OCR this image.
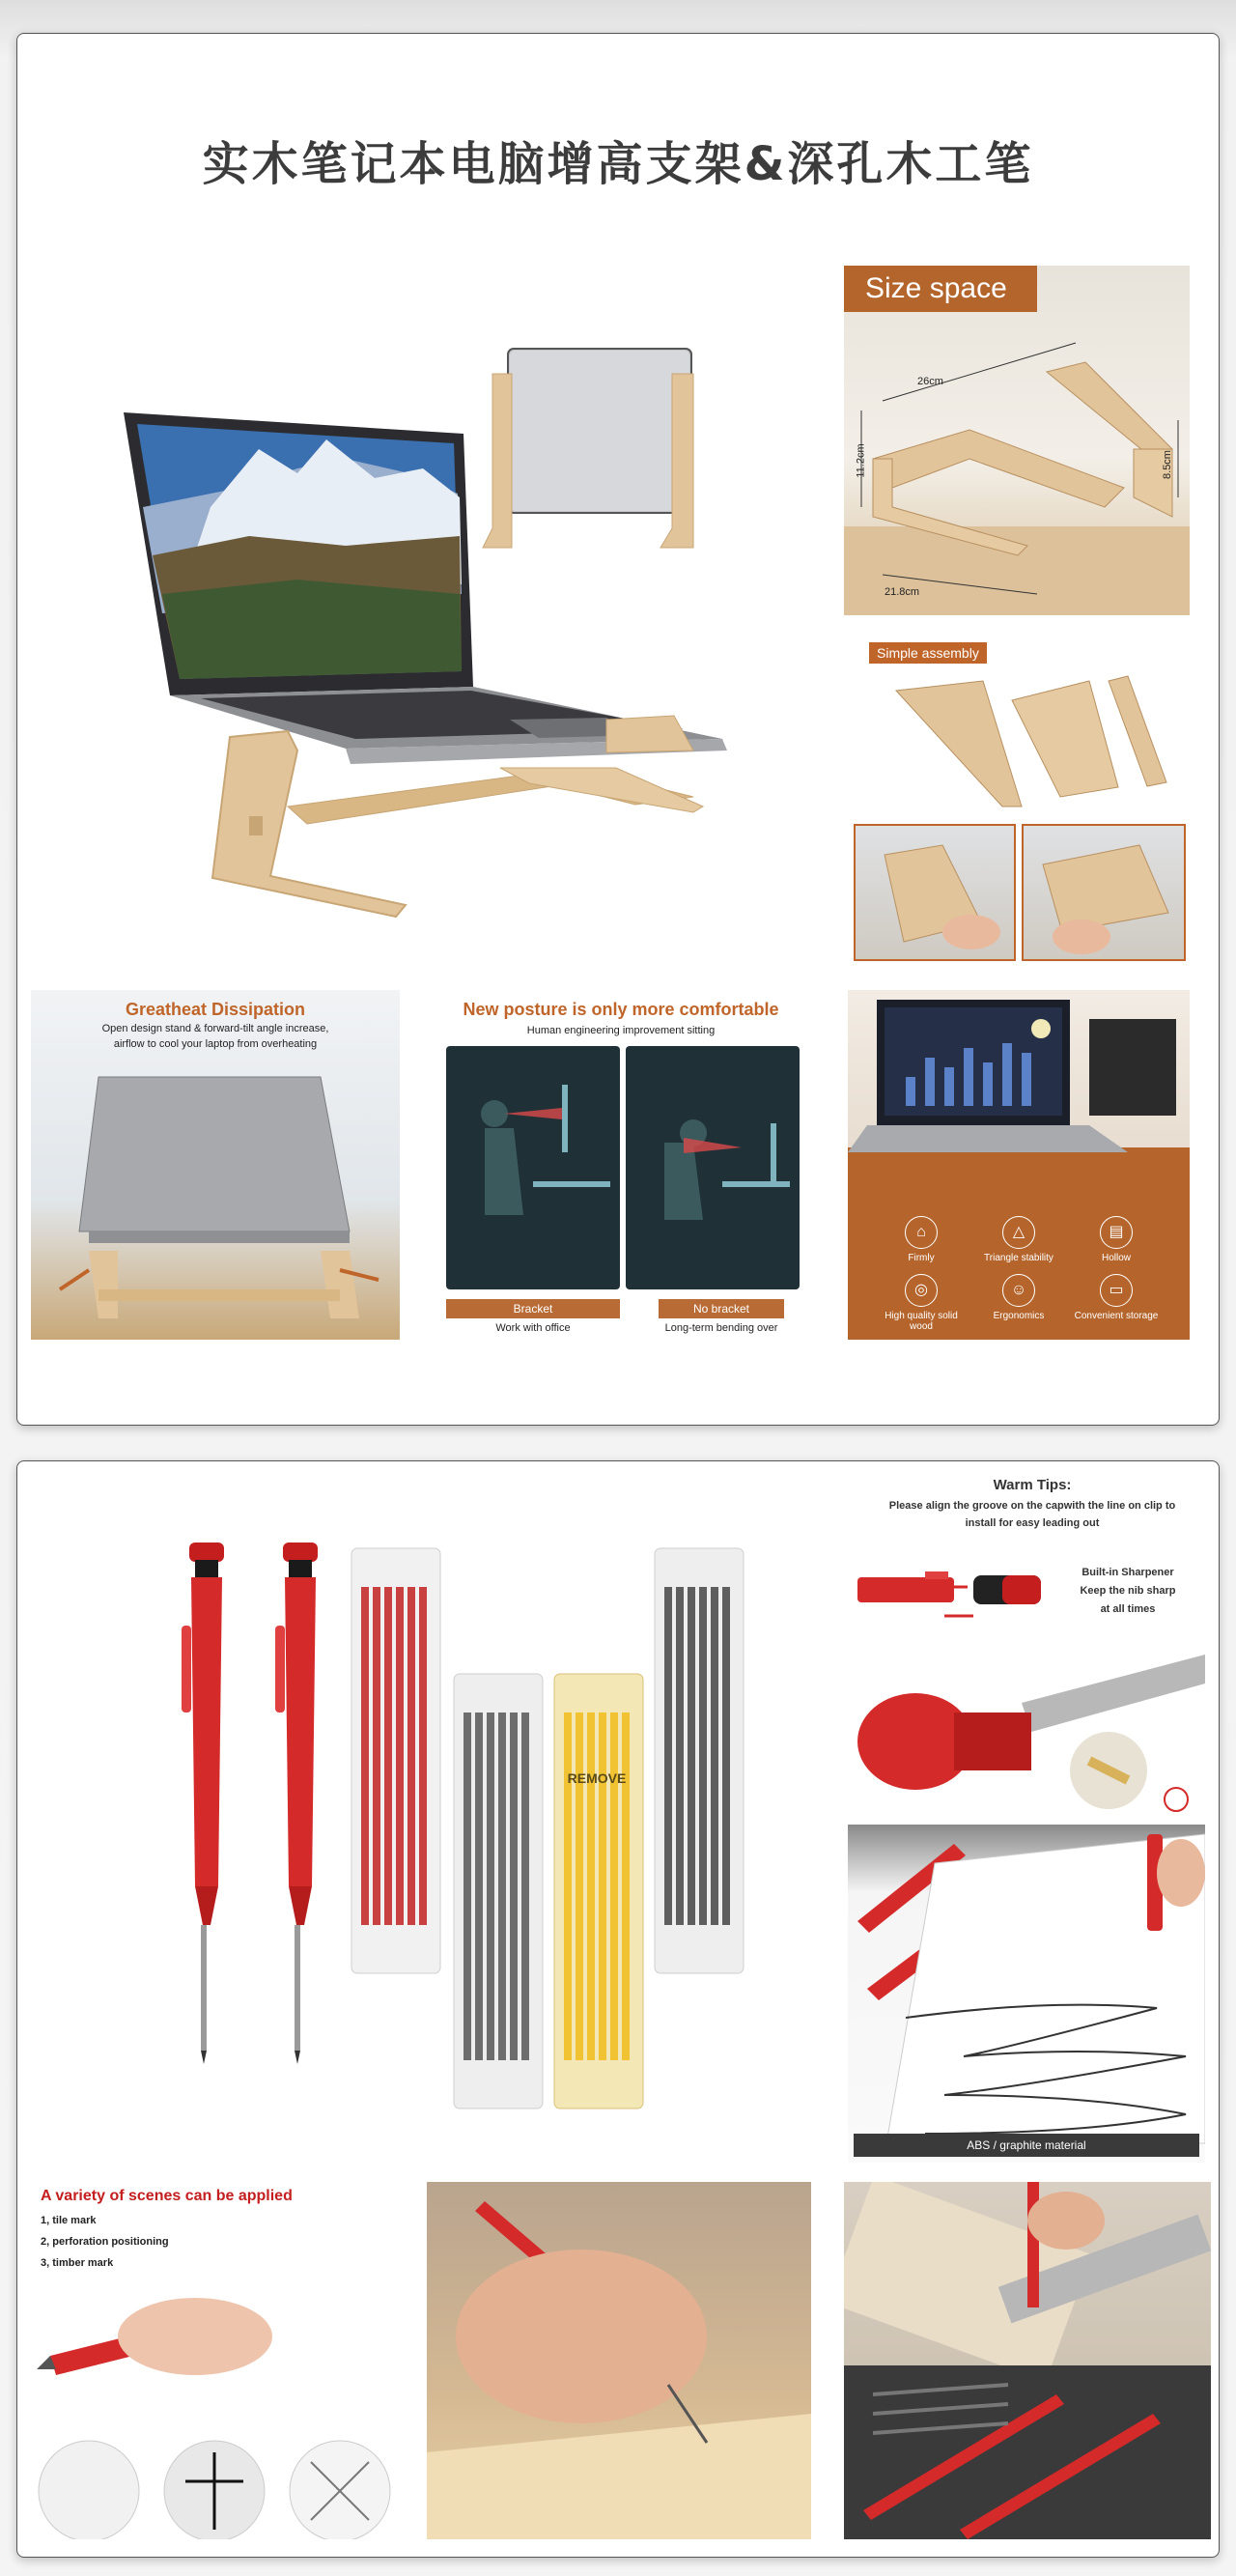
实木笔记本电脑增高支架&深孔木工笔
Size space
26cm
11.2cm	8.5cm
21.8cm
Simple assembly
Greatheat Dissipation
Open design stand & forward-tilt angle increase,
airflow to cool your laptop from overheating
New posture is only more comfortable
Human engineering improvement sitting
Bracket
Work with office
No bracket
Long-term bending over
⌂
Firmly
△
Triangle stability
▤
Hollow
◎
High quality solid wood
☺
Ergonomics
▭
Convenient storage
REMOVE
Warm Tips:
Please align the groove on the capwith the line on clip to
install for easy leading out
Built-in Sharpener
Keep the nib sharp
at all times
ABS / graphite material
A variety of scenes can be applied
1, tile mark
2, perforation positioning
3, timber mark
